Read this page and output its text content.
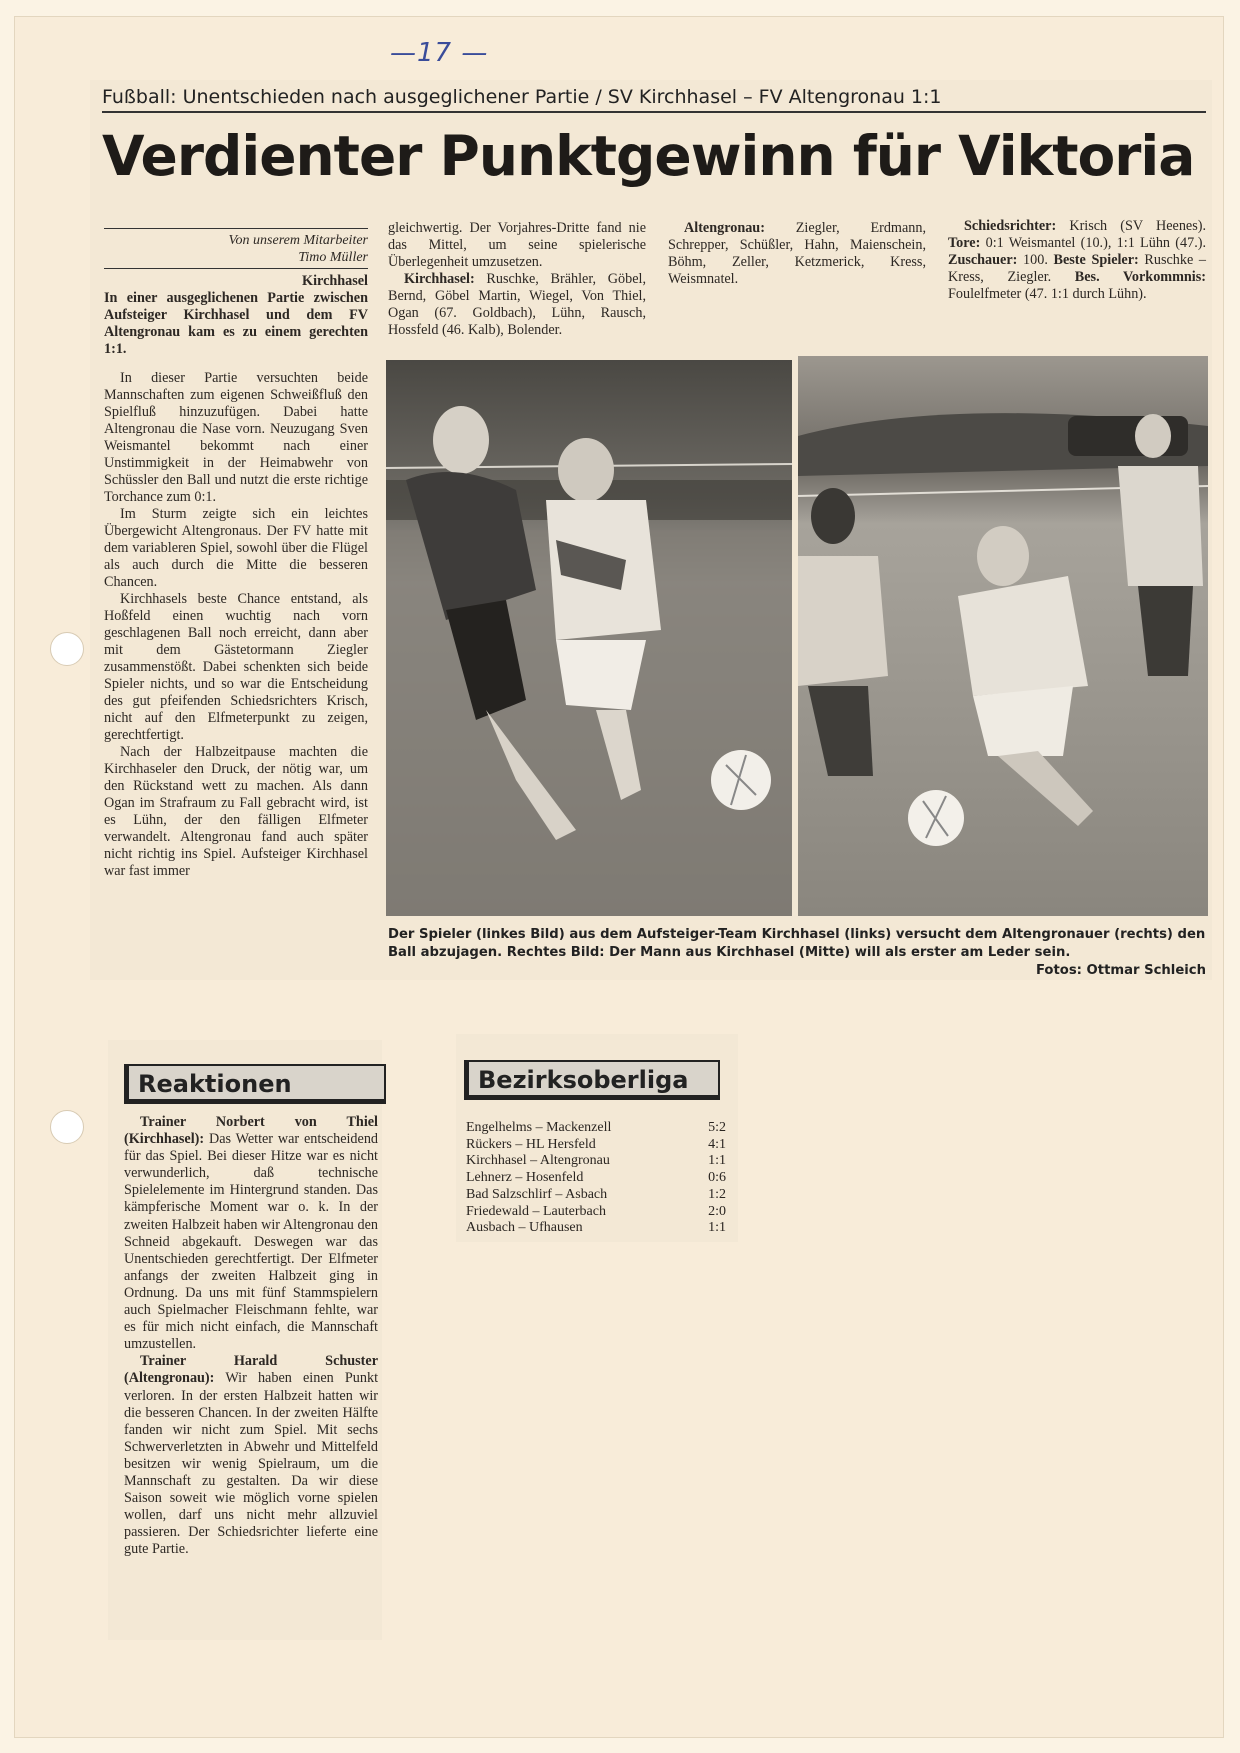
—17 —
Fußball: Unentschieden nach ausgeglichener Partie / SV Kirchhasel – FV Altengronau 1:1
Verdienter Punktgewinn für Viktoria
Von unserem Mitarbeiter
Timo Müller
Kirchhasel

In einer ausgeglichenen Partie zwischen Aufsteiger Kirchhasel und dem FV Altengronau kam es zu einem gerechten 1:1.

In dieser Partie versuchten beide Mannschaften zum eigenen Schweißfluß den Spielfluß hinzuzufügen. Dabei hatte Altengronau die Nase vorn. Neuzugang Sven Weismantel bekommt nach einer Unstimmigkeit in der Heimabwehr von Schüssler den Ball und nutzt die erste richtige Torchance zum 0:1.

Im Sturm zeigte sich ein leichtes Übergewicht Altengronaus. Der FV hatte mit dem variableren Spiel, sowohl über die Flügel als auch durch die Mitte die besseren Chancen.

Kirchhasels beste Chance entstand, als Hoßfeld einen wuchtig nach vorn geschlagenen Ball noch erreicht, dann aber mit dem Gästetormann Ziegler zusammenstößt. Dabei schenkten sich beide Spieler nichts, und so war die Entscheidung des gut pfeifenden Schiedsrichters Krisch, nicht auf den Elfmeterpunkt zu zeigen, gerechtfertigt.

Nach der Halbzeitpause machten die Kirchhaseler den Druck, der nötig war, um den Rückstand wett zu machen. Als dann Ogan im Strafraum zu Fall gebracht wird, ist es Lühn, der den fälligen Elfmeter verwandelt. Altengronau fand auch später nicht richtig ins Spiel. Aufsteiger Kirchhasel war fast immer

gleichwertig. Der Vorjahres-Dritte fand nie das Mittel, um seine spielerische Überlegenheit umzusetzen.

Kirchhasel: Ruschke, Brähler, Göbel, Bernd, Göbel Martin, Wiegel, Von Thiel, Ogan (67. Goldbach), Lühn, Rausch, Hossfeld (46. Kalb), Bolender.

Altengronau: Ziegler, Erdmann, Schrepper, Schüßler, Hahn, Maienschein, Böhm, Zeller, Ketzmerick, Kress, Weismnatel.

Schiedsrichter: Krisch (SV Heenes). Tore: 0:1 Weismantel (10.), 1:1 Lühn (47.). Zuschauer: 100. Beste Spieler: Ruschke – Kress, Ziegler. Bes. Vorkommnis: Foulelfmeter (47. 1:1 durch Lühn).

Der Spieler (linkes Bild) aus dem Aufsteiger-Team Kirchhasel (links) versucht dem Altengronauer (rechts) den Ball abzujagen. Rechtes Bild: Der Mann aus Kirchhasel (Mitte) will als erster am Leder sein.
Fotos: Ottmar Schleich
Reaktionen

Trainer Norbert von Thiel (Kirchhasel): Das Wetter war entscheidend für das Spiel. Bei dieser Hitze war es nicht verwunderlich, daß technische Spielelemente im Hintergrund standen. Das kämpferische Moment war o. k. In der zweiten Halbzeit haben wir Altengronau den Schneid abgekauft. Deswegen war das Unentschieden gerechtfertigt. Der Elfmeter anfangs der zweiten Halbzeit ging in Ordnung. Da uns mit fünf Stammspielern auch Spielmacher Fleischmann fehlte, war es für mich nicht einfach, die Mannschaft umzustellen.

Trainer Harald Schuster (Altengronau): Wir haben einen Punkt verloren. In der ersten Halbzeit hatten wir die besseren Chancen. In der zweiten Hälfte fanden wir nicht zum Spiel. Mit sechs Schwerverletzten in Abwehr und Mittelfeld besitzen wir wenig Spielraum, um die Mannschaft zu gestalten. Da wir diese Saison soweit wie möglich vorne spielen wollen, darf uns nicht mehr allzuviel passieren. Der Schiedsrichter lieferte eine gute Partie.

Bezirksoberliga
Engelhelms – Mackenzell	5:2
Rückers – HL Hersfeld	4:1
Kirchhasel – Altengronau	1:1
Lehnerz – Hosenfeld	0:6
Bad Salzschlirf – Asbach	1:2
Friedewald – Lauterbach	2:0
Ausbach – Ufhausen	1:1
